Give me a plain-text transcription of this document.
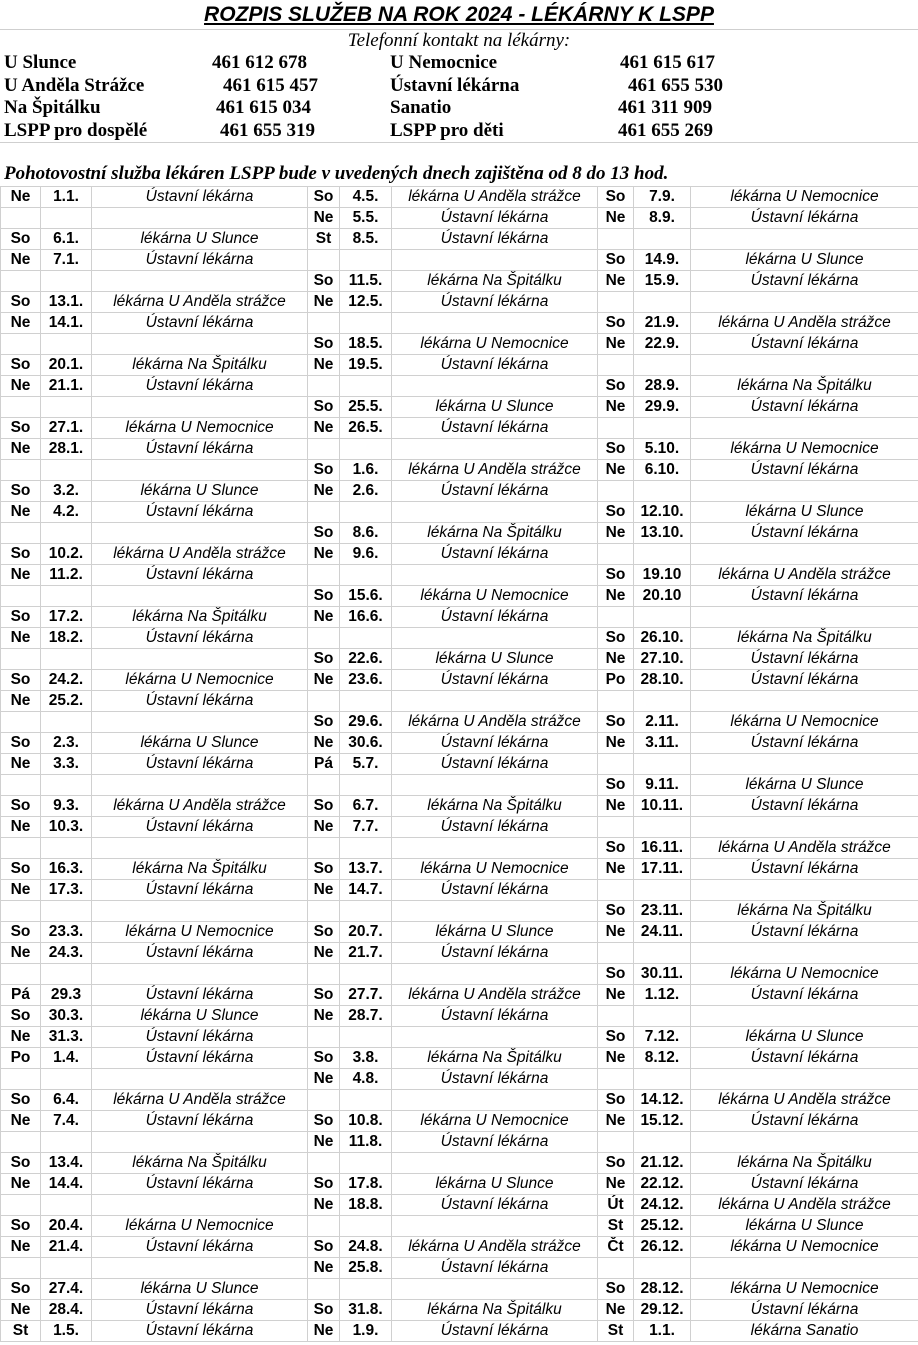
ROZPIS SLUŽEB NA ROK 2024 - LÉKÁRNY K LSPP
Telefonní kontakt na lékárny:
U Slunce	461 612 678	U Nemocnice	461 615 617
U Anděla Strážce	461 615 457	Ústavní lékárna	461 655 530
Na Špitálku	461 615 034	Sanatio	461 311 909
LSPP pro dospělé	461 655 319	LSPP pro děti	461 655 269
Pohotovostní služba lékáren LSPP bude v uvedených dnech zajištěna od 8 do 13 hod.
Ne	1.1.	Ústavní lékárna	So	4.5.	lékárna U Anděla strážce	So	7.9.	lékárna U Nemocnice
			Ne	5.5.	Ústavní lékárna	Ne	8.9.	Ústavní lékárna
So	6.1.	lékárna U Slunce	St	8.5.	Ústavní lékárna			
Ne	7.1.	Ústavní lékárna				So	14.9.	lékárna U Slunce
			So	11.5.	lékárna Na Špitálku	Ne	15.9.	Ústavní lékárna
So	13.1.	lékárna U Anděla strážce	Ne	12.5.	Ústavní lékárna			
Ne	14.1.	Ústavní lékárna				So	21.9.	lékárna U Anděla strážce
			So	18.5.	lékárna U Nemocnice	Ne	22.9.	Ústavní lékárna
So	20.1.	lékárna Na Špitálku	Ne	19.5.	Ústavní lékárna			
Ne	21.1.	Ústavní lékárna				So	28.9.	lékárna Na Špitálku
			So	25.5.	lékárna U Slunce	Ne	29.9.	Ústavní lékárna
So	27.1.	lékárna U Nemocnice	Ne	26.5.	Ústavní lékárna			
Ne	28.1.	Ústavní lékárna				So	5.10.	lékárna U Nemocnice
			So	1.6.	lékárna U Anděla strážce	Ne	6.10.	Ústavní lékárna
So	3.2.	lékárna U Slunce	Ne	2.6.	Ústavní lékárna			
Ne	4.2.	Ústavní lékárna				So	12.10.	lékárna U Slunce
			So	8.6.	lékárna Na Špitálku	Ne	13.10.	Ústavní lékárna
So	10.2.	lékárna U Anděla strážce	Ne	9.6.	Ústavní lékárna			
Ne	11.2.	Ústavní lékárna				So	19.10	lékárna U Anděla strážce
			So	15.6.	lékárna U Nemocnice	Ne	20.10	Ústavní lékárna
So	17.2.	lékárna Na Špitálku	Ne	16.6.	Ústavní lékárna			
Ne	18.2.	Ústavní lékárna				So	26.10.	lékárna Na Špitálku
			So	22.6.	lékárna U Slunce	Ne	27.10.	Ústavní lékárna
So	24.2.	lékárna U Nemocnice	Ne	23.6.	Ústavní lékárna	Po	28.10.	Ústavní lékárna
Ne	25.2.	Ústavní lékárna						
			So	29.6.	lékárna U Anděla strážce	So	2.11.	lékárna U Nemocnice
So	2.3.	lékárna U Slunce	Ne	30.6.	Ústavní lékárna	Ne	3.11.	Ústavní lékárna
Ne	3.3.	Ústavní lékárna	Pá	5.7.	Ústavní lékárna			
						So	9.11.	lékárna U Slunce
So	9.3.	lékárna U Anděla strážce	So	6.7.	lékárna Na Špitálku	Ne	10.11.	Ústavní lékárna
Ne	10.3.	Ústavní lékárna	Ne	7.7.	Ústavní lékárna			
						So	16.11.	lékárna U Anděla strážce
So	16.3.	lékárna Na Špitálku	So	13.7.	lékárna U Nemocnice	Ne	17.11.	Ústavní lékárna
Ne	17.3.	Ústavní lékárna	Ne	14.7.	Ústavní lékárna			
						So	23.11.	lékárna Na Špitálku
So	23.3.	lékárna U Nemocnice	So	20.7.	lékárna U Slunce	Ne	24.11.	Ústavní lékárna
Ne	24.3.	Ústavní lékárna	Ne	21.7.	Ústavní lékárna			
						So	30.11.	lékárna U Nemocnice
Pá	29.3	Ústavní lékárna	So	27.7.	lékárna U Anděla strážce	Ne	1.12.	Ústavní lékárna
So	30.3.	lékárna U Slunce	Ne	28.7.	Ústavní lékárna			
Ne	31.3.	Ústavní lékárna				So	7.12.	lékárna U Slunce
Po	1.4.	Ústavní lékárna	So	3.8.	lékárna Na Špitálku	Ne	8.12.	Ústavní lékárna
			Ne	4.8.	Ústavní lékárna			
So	6.4.	lékárna U Anděla strážce				So	14.12.	lékárna U Anděla strážce
Ne	7.4.	Ústavní lékárna	So	10.8.	lékárna U Nemocnice	Ne	15.12.	Ústavní lékárna
			Ne	11.8.	Ústavní lékárna			
So	13.4.	lékárna Na Špitálku				So	21.12.	lékárna Na Špitálku
Ne	14.4.	Ústavní lékárna	So	17.8.	lékárna U Slunce	Ne	22.12.	Ústavní lékárna
			Ne	18.8.	Ústavní lékárna	Út	24.12.	lékárna U Anděla strážce
So	20.4.	lékárna U Nemocnice				St	25.12.	lékárna U Slunce
Ne	21.4.	Ústavní lékárna	So	24.8.	lékárna U Anděla strážce	Čt	26.12.	lékárna U Nemocnice
			Ne	25.8.	Ústavní lékárna			
So	27.4.	lékárna U Slunce				So	28.12.	lékárna U Nemocnice
Ne	28.4.	Ústavní lékárna	So	31.8.	lékárna Na Špitálku	Ne	29.12.	Ústavní lékárna
St	1.5.	Ústavní lékárna	Ne	1.9.	Ústavní lékárna	St	1.1.	lékárna Sanatio
